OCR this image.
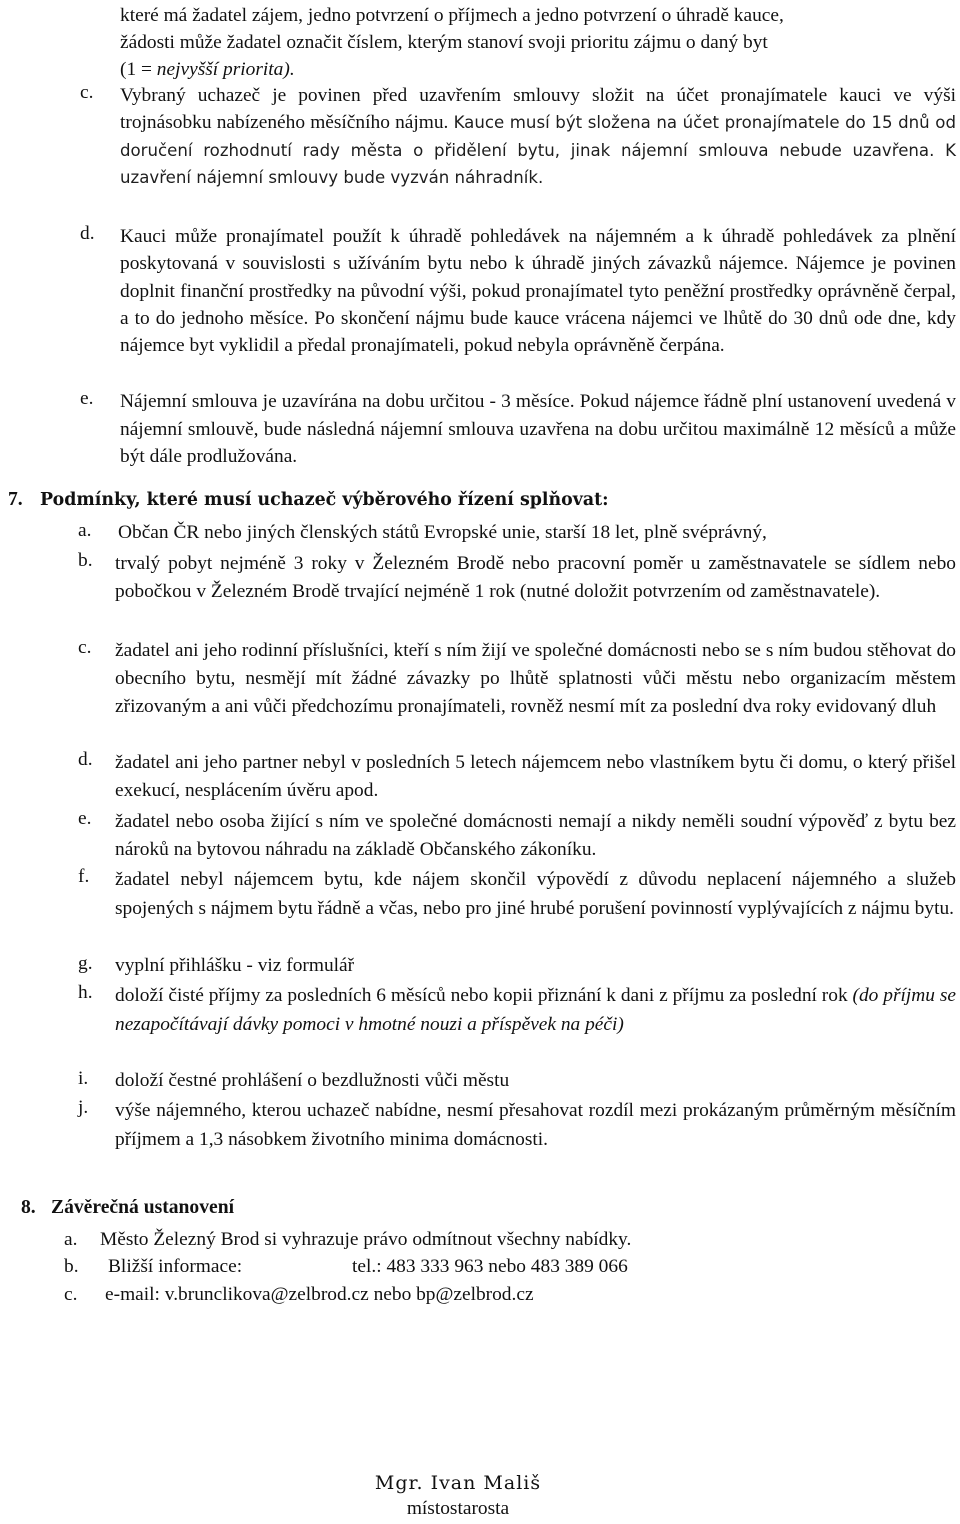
které má žadatel zájem, jedno potvrzení o příjmech a jedno potvrzení o úhradě kauce,
žádosti může žadatel označit číslem, kterým stanoví svoji prioritu zájmu o daný byt
(1 = nejvyšší priorita).
c. Vybraný uchazeč je povinen před uzavřením smlouvy složit na účet pronajímatele kauci ve výši trojnásobku nabízeného měsíčního nájmu. Kauce musí být složena na účet pronajímatele do 15 dnů od doručení rozhodnutí rady města o přidělení bytu, jinak nájemní smlouva nebude uzavřena. K uzavření nájemní smlouvy bude vyzván náhradník.
d. Kauci může pronajímatel použít k úhradě pohledávek na nájemném a k úhradě pohledávek za plnění poskytovaná v souvislosti s užíváním bytu nebo k úhradě jiných závazků nájemce. Nájemce je povinen doplnit finanční prostředky na původní výši, pokud pronajímatel tyto peněžní prostředky oprávněně čerpal, a to do jednoho měsíce. Po skončení nájmu bude kauce vrácena nájemci ve lhůtě do 30 dnů ode dne, kdy nájemce byt vyklidil a předal pronajímateli, pokud nebyla oprávněně čerpána.
e. Nájemní smlouva je uzavírána na dobu určitou - 3 měsíce. Pokud nájemce řádně plní ustanovení uvedená v nájemní smlouvě, bude následná nájemní smlouva uzavřena na dobu určitou maximálně 12 měsíců a může být dále prodlužována.
7. Podmínky, které musí uchazeč výběrového řízení splňovat:
a. Občan ČR nebo jiných členských států Evropské unie, starší 18 let, plně svéprávný,
b. trvalý pobyt nejméně 3 roky v Železném Brodě nebo pracovní poměr u zaměstnavatele se sídlem nebo pobočkou v Železném Brodě trvající nejméně 1 rok (nutné doložit potvrzením od zaměstnavatele).
c. žadatel ani jeho rodinní příslušníci, kteří s ním žijí ve společné domácnosti nebo se s ním budou stěhovat do obecního bytu, nesmějí mít žádné závazky po lhůtě splatnosti vůči městu nebo organizacím městem zřizovaným a ani vůči předchozímu pronajímateli, rovněž nesmí mít za poslední dva roky evidovaný dluh
d. žadatel ani jeho partner nebyl v posledních 5 letech nájemcem nebo vlastníkem bytu či domu, o který přišel exekucí, nesplácením úvěru apod.
e. žadatel nebo osoba žijící s ním ve společné domácnosti nemají a nikdy neměli soudní výpověď z bytu bez nároků na bytovou náhradu na základě Občanského zákoníku.
f. žadatel nebyl nájemcem bytu, kde nájem skončil výpovědí z důvodu neplacení nájemného a služeb spojených s nájmem bytu řádně a včas, nebo pro jiné hrubé porušení povinností vyplývajících z nájmu bytu.
g. vyplní přihlášku - viz formulář
h. doloží čisté příjmy za posledních 6 měsíců nebo kopii přiznání k dani z příjmu za poslední rok (do příjmu se nezapočítávají dávky pomoci v hmotné nouzi a příspěvek na péči)
i. doloží čestné prohlášení o bezdlužnosti vůči městu
j. výše nájemného, kterou uchazeč nabídne, nesmí přesahovat rozdíl mezi prokázaným průměrným měsíčním příjmem a 1,3 násobkem životního minima domácnosti.
8. Závěrečná ustanovení
a. Město Železný Brod si vyhrazuje právo odmítnout všechny nabídky.
b. Bližší informace:	tel.: 483 333 963 nebo 483 389 066
c. e-mail: v.brunclikova@zelbrod.cz nebo bp@zelbrod.cz
Mgr. Ivan Mališ
místostarosta
